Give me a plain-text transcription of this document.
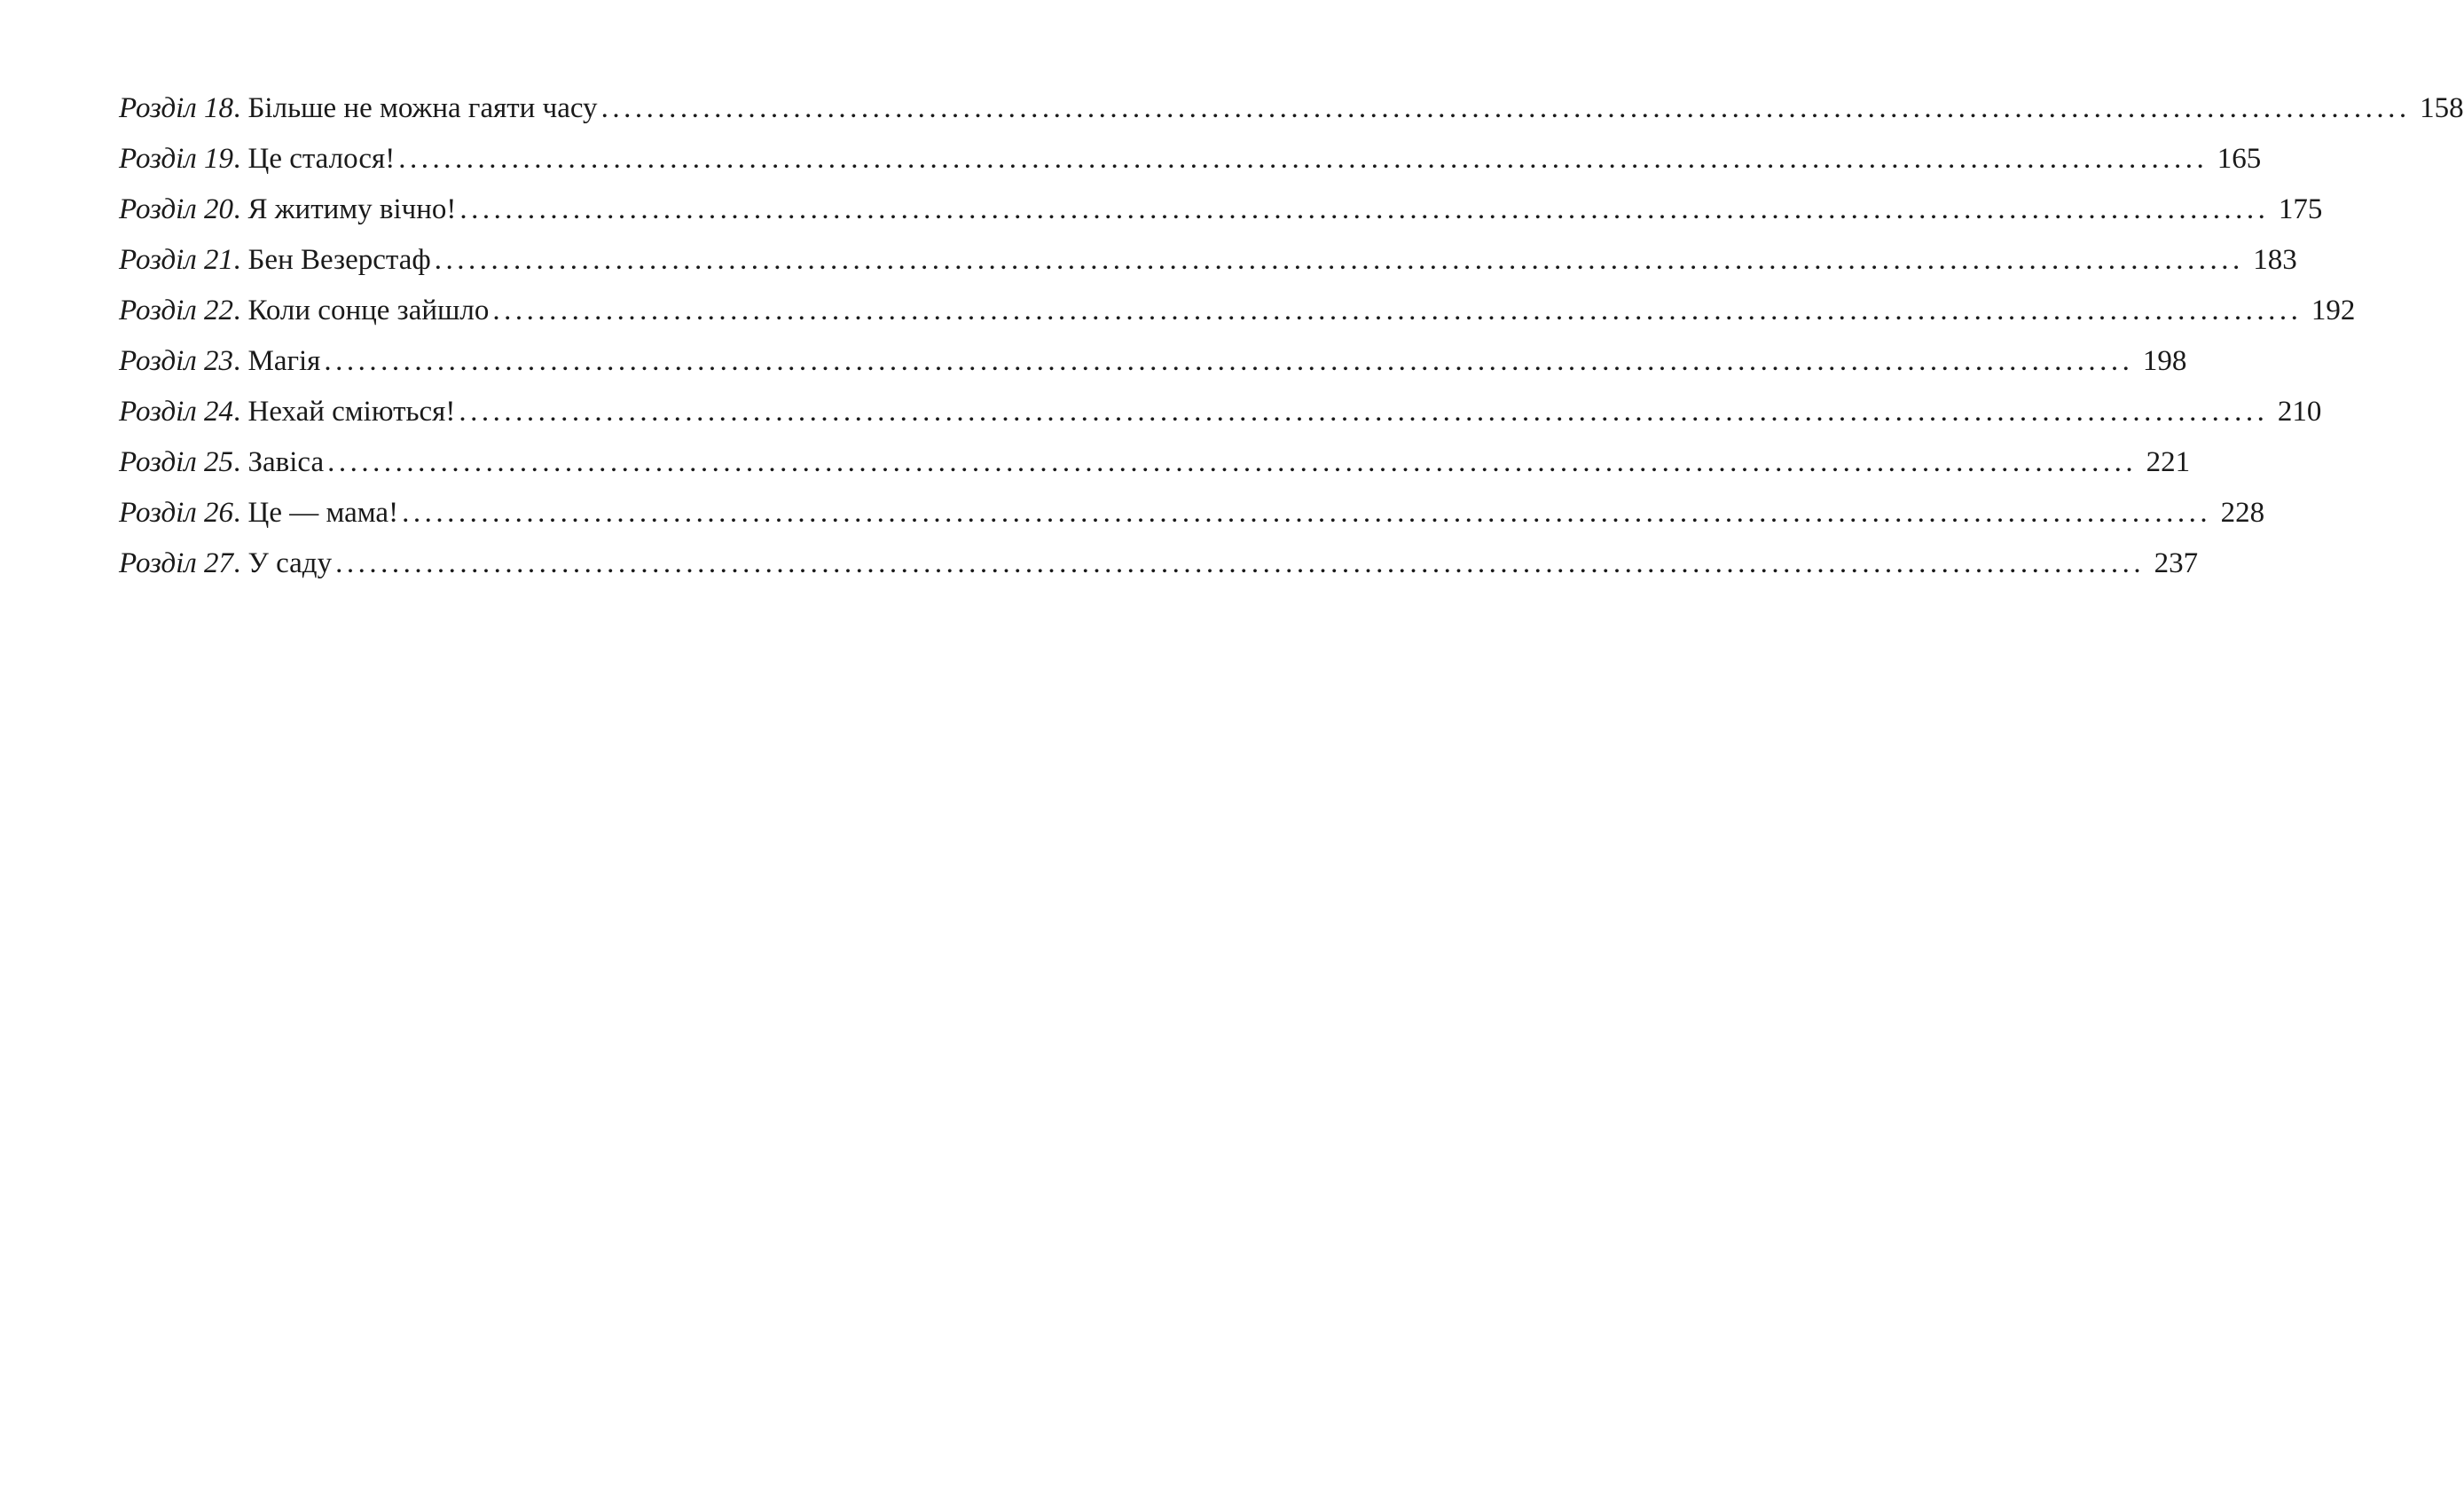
Розділ 18 . Більше не можна гаяти часу ................................................................................................................................................................ 158
Розділ 19 . Це сталося! ................................................................................................................................................................ 165
Розділ 20 . Я житиму вічно! ................................................................................................................................................................ 175
Розділ 21 . Бен Везерстаф ................................................................................................................................................................ 183
Розділ 22 . Коли сонце зайшло ................................................................................................................................................................ 192
Розділ 23 . Магія ................................................................................................................................................................ 198
Розділ 24 . Нехай сміються! ................................................................................................................................................................ 210
Розділ 25 . Завіса ................................................................................................................................................................ 221
Розділ 26 . Це — мама! ................................................................................................................................................................ 228
Розділ 27 . У саду ................................................................................................................................................................ 237
